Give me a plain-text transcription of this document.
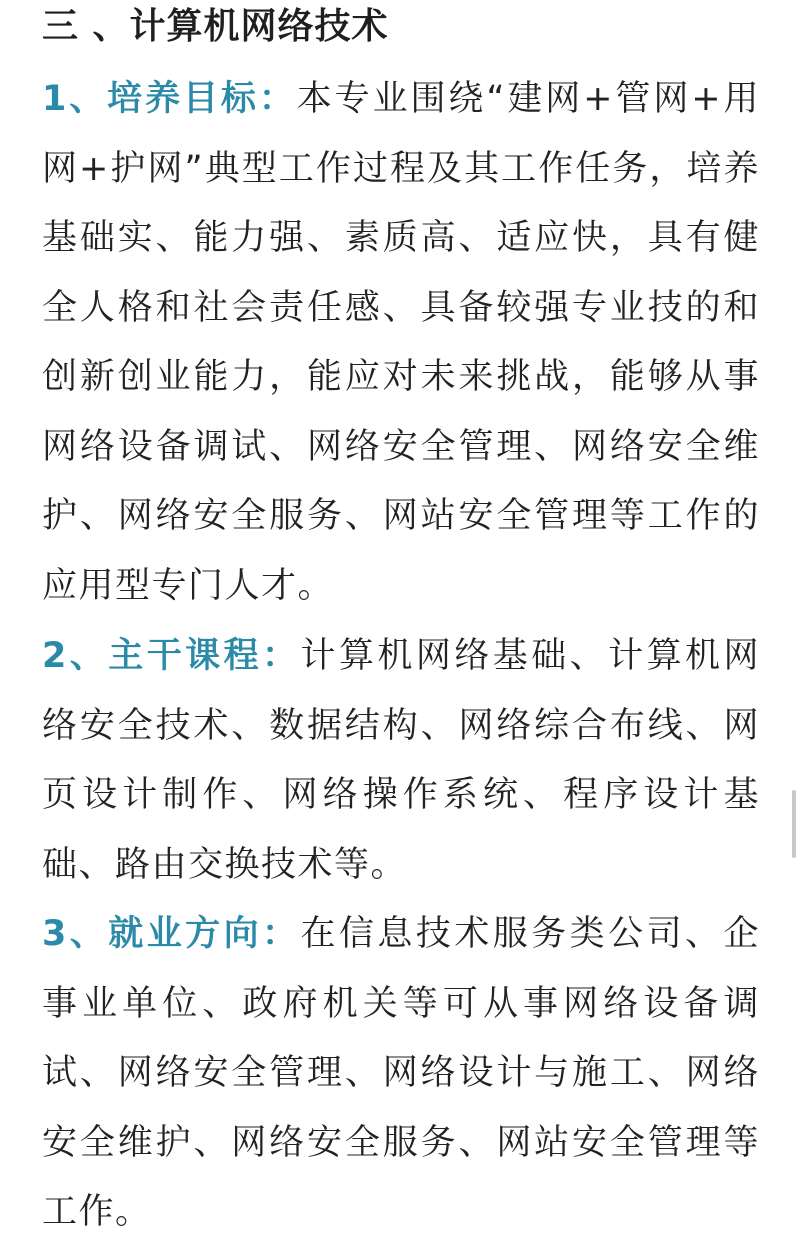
三 、计算机网络技术

1、培养目标：本专业围绕“建网+管网+用网+护网”典型工作过程及其工作任务，培养基础实、能力强、素质高、适应快，具有健全人格和社会责任感、具备较强专业技的和创新创业能力，能应对未来挑战，能够从事网络设备调试、网络安全管理、网络安全维护、网络安全服务、网站安全管理等工作的应用型专门人才。

2、主干课程：计算机网络基础、计算机网络安全技术、数据结构、网络综合布线、网页设计制作、网络操作系统、程序设计基础、路由交换技术等。

3、就业方向：在信息技术服务类公司、企事业单位、政府机关等可从事网络设备调试、网络安全管理、网络设计与施工、网络安全维护、网络安全服务、网站安全管理等工作。
